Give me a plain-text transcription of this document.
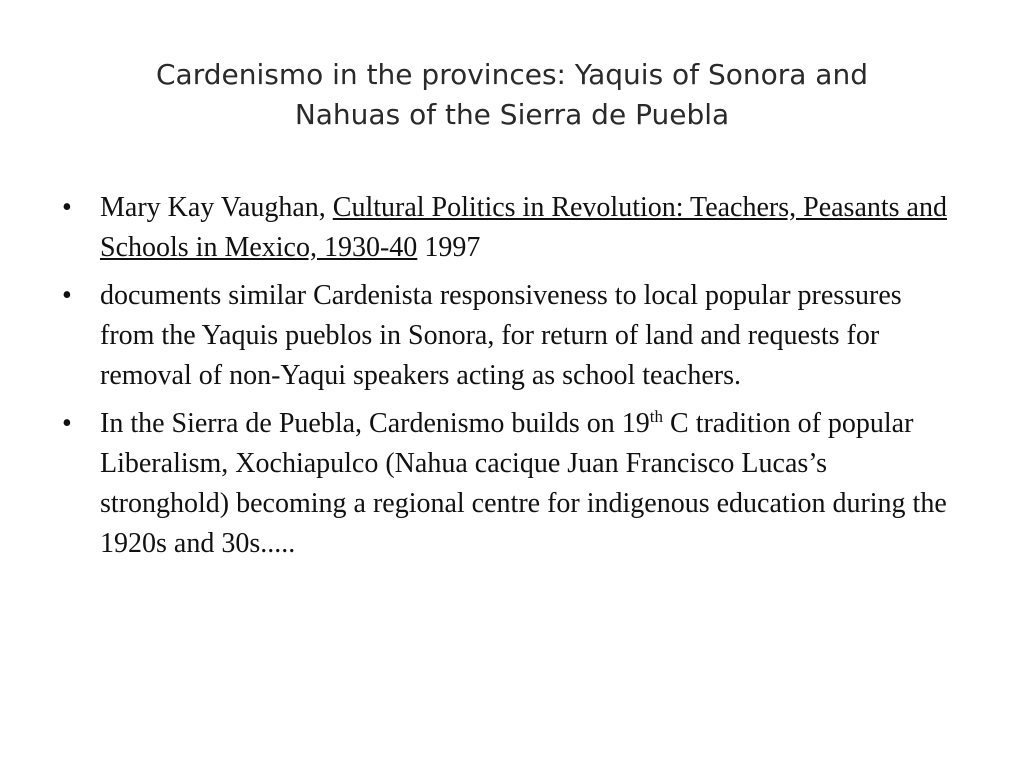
Cardenismo in the provinces: Yaquis of Sonora and
Nahuas of the Sierra de Puebla
•	Mary Kay Vaughan, Cultural Politics in Revolution: Teachers, Peasants and Schools in Mexico, 1930-40 1997
•	documents similar Cardenista responsiveness to local popular pressures from the Yaquis pueblos in Sonora, for return of land and requests for removal of non-Yaqui speakers acting as school teachers.
•	In the Sierra de Puebla, Cardenismo builds on 19th C tradition of popular Liberalism, Xochiapulco (Nahua cacique Juan Francisco Lucas’s stronghold) becoming a regional centre for indigenous education during the 1920s and 30s.....
